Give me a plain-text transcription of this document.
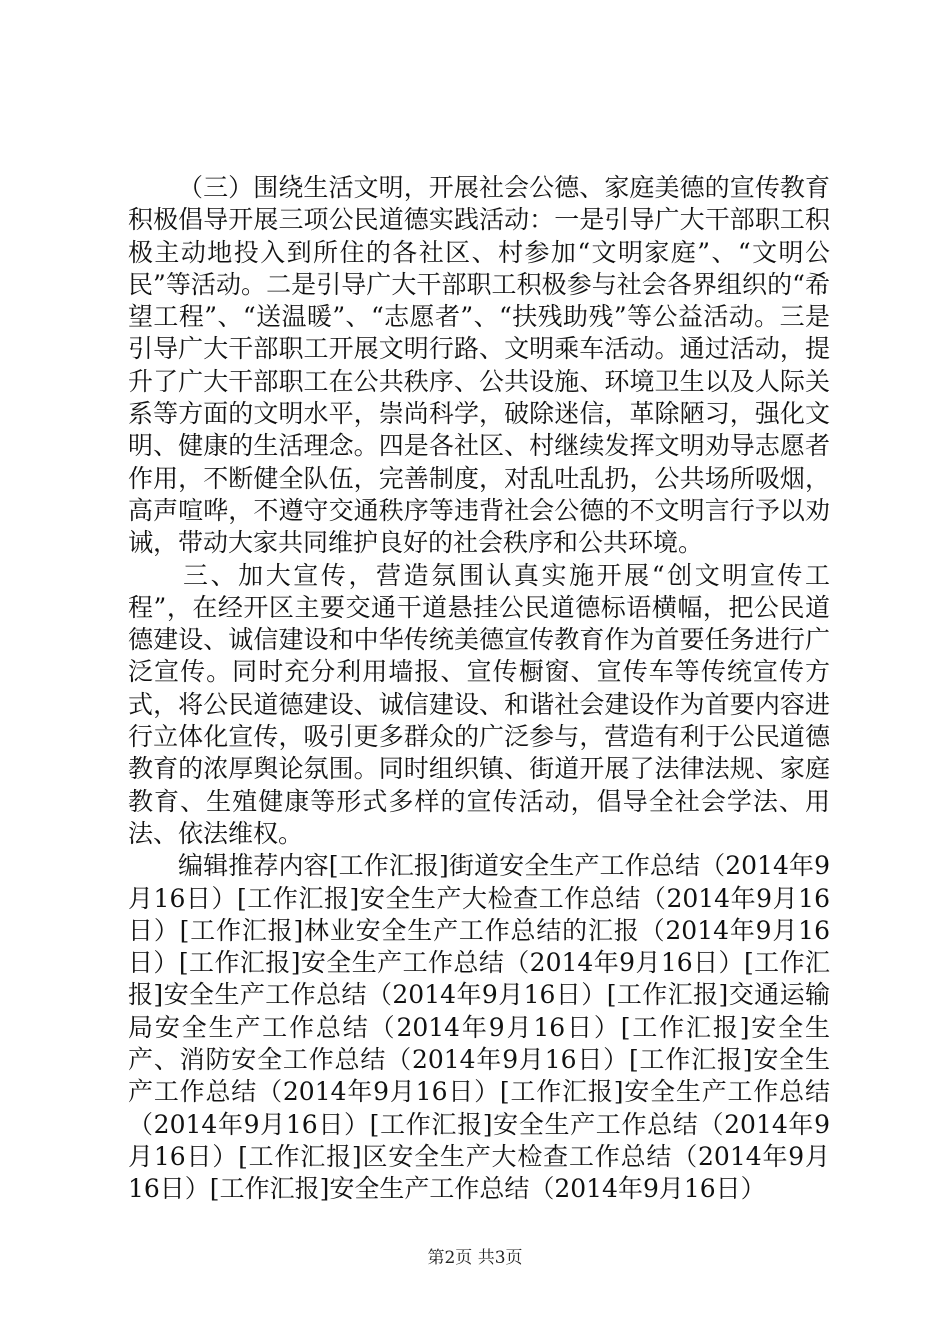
（三）围绕生活文明，开展社会公德、家庭美德的宣传教育积极倡导开展三项公民道德实践活动：一是引导广大干部职工积极主动地投入到所住的各社区、村参加“文明家庭”、“文明公民”等活动。二是引导广大干部职工积极参与社会各界组织的“希望工程”、“送温暖”、“志愿者”、“扶残助残”等公益活动。三是引导广大干部职工开展文明行路、文明乘车活动。通过活动，提升了广大干部职工在公共秩序、公共设施、环境卫生以及人际关系等方面的文明水平，崇尚科学，破除迷信，革除陋习，强化文明、健康的生活理念。四是各社区、村继续发挥文明劝导志愿者作用，不断健全队伍，完善制度，对乱吐乱扔，公共场所吸烟，高声喧哗，不遵守交通秩序等违背社会公德的不文明言行予以劝诫，带动大家共同维护良好的社会秩序和公共环境。

三、加大宣传，营造氛围认真实施开展“创文明宣传工程”，在经开区主要交通干道悬挂公民道德标语横幅，把公民道德建设、诚信建设和中华传统美德宣传教育作为首要任务进行广泛宣传。同时充分利用墙报、宣传橱窗、宣传车等传统宣传方式，将公民道德建设、诚信建设、和谐社会建设作为首要内容进行立体化宣传，吸引更多群众的广泛参与，营造有利于公民道德教育的浓厚舆论氛围。同时组织镇、街道开展了法律法规、家庭教育、生殖健康等形式多样的宣传活动，倡导全社会学法、用法、依法维权。

编辑推荐内容[工作汇报]街道安全生产工作总结（2014年9月16日）[工作汇报]安全生产大检查工作总结（2014年9月16日）[工作汇报]林业安全生产工作总结的汇报（2014年9月16日）[工作汇报]安全生产工作总结（2014年9月16日）[工作汇报]安全生产工作总结（2014年9月16日）[工作汇报]交通运输局安全生产工作总结（2014年9月16日）[工作汇报]安全生产、消防安全工作总结（2014年9月16日）[工作汇报]安全生产工作总结（2014年9月16日）[工作汇报]安全生产工作总结（2014年9月16日）[工作汇报]安全生产工作总结（2014年9月16日）[工作汇报]区安全生产大检查工作总结（2014年9月16日）[工作汇报]安全生产工作总结（2014年9月16日）

第2页 共3页
